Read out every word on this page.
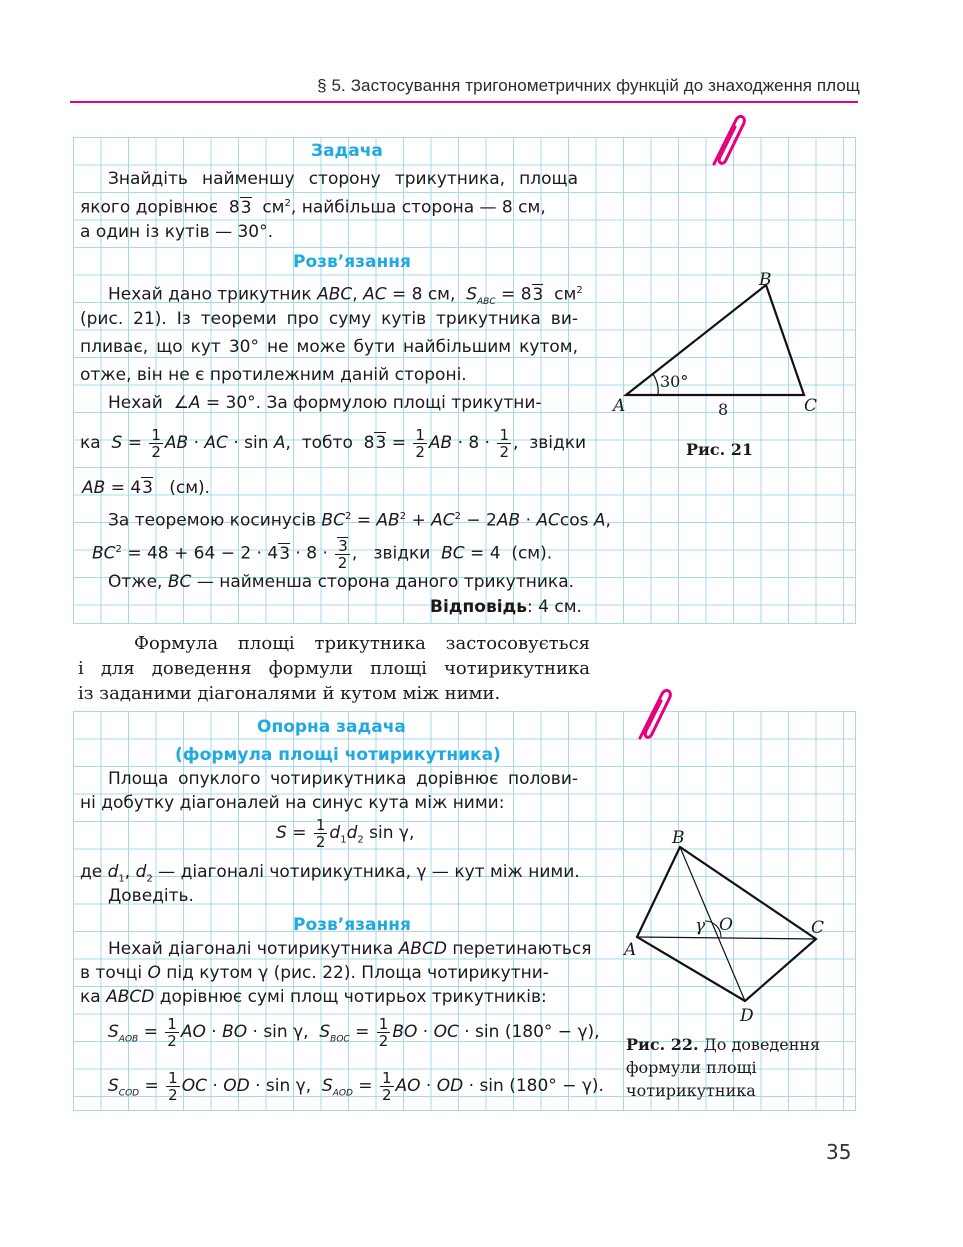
§ 5. Застосування тригонометричних функцій до знаходження площ
Задача
Знайдіть найменшу сторону трикутника, площа
якого дорівнює  83  $см^2$, найбільша сторона — 8 см,
а один із кутів — 30°.
Розв’язання
Нехай дано трикутник ABC, AC = 8 см,  $S_{ABC} = 83$  $см^2$
(рис. 21). Із теореми про суму кутів трикутника ви-
пливає, що кут 30° не може бути найбільшим кутом,
отже, він не є протилежним даній стороні.
Нехай  ∠A = 30°. За формулою площі трикутни-
ка  $S = \frac{1}{2}$ AB · AC · sin A,  тобто  $83 = \frac{1}{2}$ AB · $8 \cdot \frac{1}{2}$ ,  звідки
AB = 43   (см).
За теоремою косинусів $BC^2 = AB^2 + AC^2 - 2AB \cdot ACcos$ A,
$BC^2 = 48 + 64 - 2 \cdot 43 \cdot 8 \cdot \frac{3}{2}$ ,   звідки  BC = 4  (см).
Отже, BC — найменша сторона даного трикутника.
Відповідь: 4 см.
A
B
C
30°
8
Рис. 21
Формула площі трикутника застосовується
і для доведення формули площі чотирикутника
із заданими діагоналями й кутом між ними.
Опорна задача
(формула площі чотирикутника)
Площа опуклого чотирикутника дорівнює полови-
ні добутку діагоналей на синус кута між ними:
$S = \frac{1}{2} d_1d_2$ sin γ,
де $d_1$, $d_2$ — діагоналі чотирикутника, γ — кут між ними.
Доведіть.
Розв’язання
Нехай діагоналі чотирикутника ABCD перетинаються
в точці O під кутом γ (рис. 22). Площа чотирикутни-
ка ABCD дорівнює сумі площ чотирьох трикутників:
$S_{AOB} = \frac{1}{2}$ AO · BO · sin γ,  $S_{BOC} = \frac{1}{2}$ BO · OC · sin (180° − γ),
$S_{COD} = \frac{1}{2}$ OC · OD · sin γ,  $S_{AOD} = \frac{1}{2}$ AO · OD · sin (180° − γ).
A
B
C
D
O
γ
Рис. 22. До доведення
формули площі
чотирикутника
35
